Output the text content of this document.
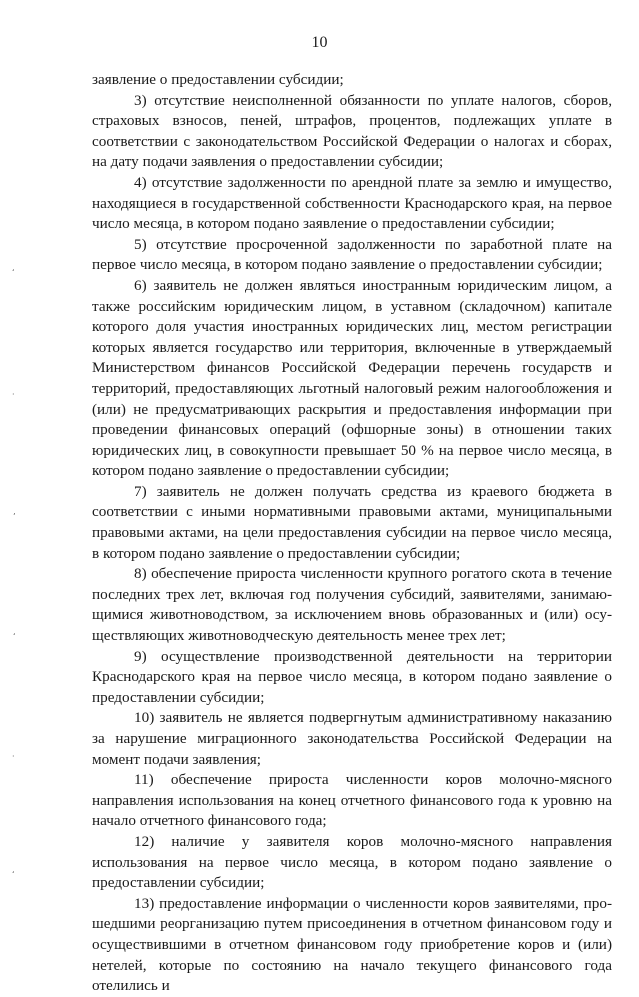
10

заявление о предоставлении субсидии;

3) отсутствие неисполненной обязанности по уплате налогов, сборов, страховых взносов, пеней, штрафов, процентов, подлежащих уплате в соответствии с законодательством Российской Федерации о налогах и сборах, на дату подачи заявления о предоставлении субсидии;

4) отсутствие задолженности по арендной плате за землю и имущество, находящиеся в государственной собственности Краснодарского края, на первое число месяца, в котором подано заявление о предоставлении субсидии;

5) отсутствие просроченной задолженности по заработной плате на первое число месяца, в котором подано заявление о предоставлении субсидии;

6) заявитель не должен являться иностранным юридическим лицом, а также российским юридическим лицом, в уставном (складочном) капитале которого доля участия иностранных юридических лиц, местом регистрации которых является государство или территория, включенные в утверждаемый Министерством финансов Российской Федерации перечень государств и территорий, предоставляющих льготный налоговый режим налогообложения и (или) не предусматривающих раскрытия и предоставления информации при проведении финансовых операций (офшорные зоны) в отношении таких юридических лиц, в совокупности превышает 50 % на первое число месяца, в котором подано заявление о предоставлении субсидии;

7) заявитель не должен получать средства из краевого бюджета в соответствии с иными нормативными правовыми актами, муниципальными правовыми актами, на цели предоставления субсидии на первое число месяца, в котором подано заявление о предоставлении субсидии;

8) обеспечение прироста численности крупного рогатого скота в течение последних трех лет, включая год получения субсидий, заявителями, занимающимися животноводством, за исключением вновь образованных и (или) осуществляющих животноводческую деятельность менее трех лет;

9) осуществление производственной деятельности на территории Краснодарского края на первое число месяца, в котором подано заявление о предоставлении субсидии;

10) заявитель не является подвергнутым административному наказанию за нарушение миграционного законодательства Российской Федерации на момент подачи заявления;

11) обеспечение прироста численности коров молочно-мясного направления использования на конец отчетного финансового года к уровню на начало отчетного финансового года;

12) наличие у заявителя коров молочно-мясного направления использования на первое число месяца, в котором подано заявление о предоставлении субсидии;

13) предоставление информации о численности коров заявителями, прошедшими реорганизацию путем присоединения в отчетном финансовом году и осуществившими в отчетном финансовом году приобретение коров и (или) нетелей, которые по состоянию на начало текущего финансового года отелились и

ʻ
·
ʼ
ʻ
·
ʻ
